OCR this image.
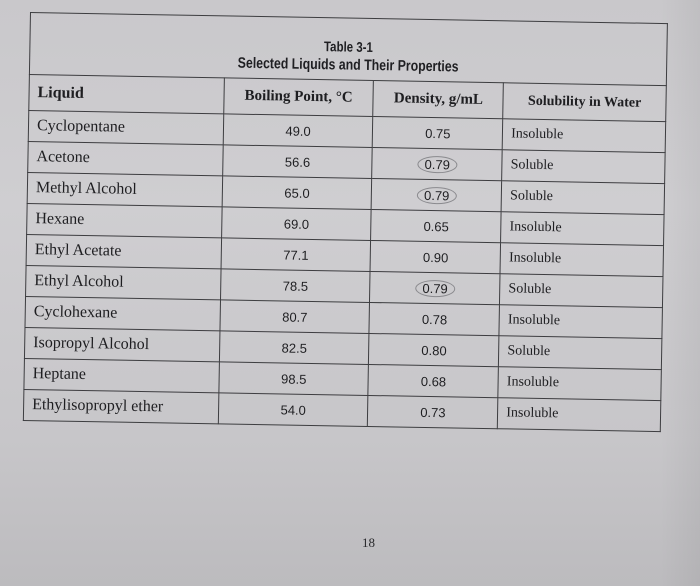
Table 3-1
Selected Liquids and Their Properties
Liquid	Boiling Point, °C	Density, g/mL	Solubility in Water
Cyclopentane	49.0	0.75	Insoluble
Acetone	56.6	0.79	Soluble
Methyl Alcohol	65.0	0.79	Soluble
Hexane	69.0	0.65	Insoluble
Ethyl Acetate	77.1	0.90	Insoluble
Ethyl Alcohol	78.5	0.79	Soluble
Cyclohexane	80.7	0.78	Insoluble
Isopropyl Alcohol	82.5	0.80	Soluble
Heptane	98.5	0.68	Insoluble
Ethylisopropyl ether	54.0	0.73	Insoluble
18
